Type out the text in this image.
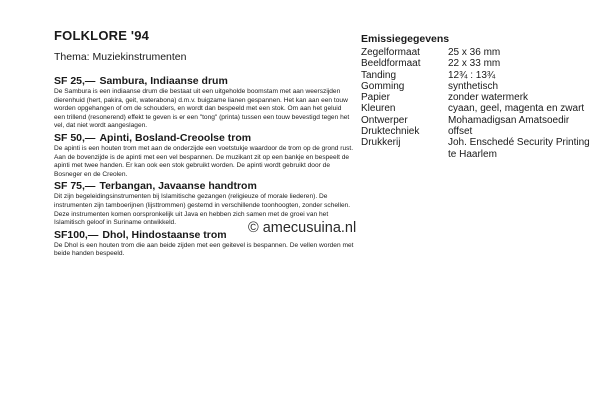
FOLKLORE '94
Thema: Muziekinstrumenten
SF 25,— Sambura, Indiaanse drum
De Sambura is een indiaanse drum die bestaat uit een uitgeholde boomstam met aan weerszijden dierenhuid (hert, pakira, geit, waterabonа) d.m.v. buigzame lianen gespannen. Het kan aan een touw worden opgehangen of om de schouders, en wordt dan bespeeld met een stok. Om aan het geluid een trillend (resonerend) effekt te geven is er een "tong" (printa) tussen een touw bevestigd tegen het vel, dat niet wordt aangeslagen.
SF 50,— Apinti, Bosland-Creoolse trom
De apinti is een houten trom met aan de onderzijde een voetstukje waardoor de trom op de grond rust. Aan de bovenzijde is de apinti met een vel bespannen. De muzikant zit op een bankje en bespeelt de apinti met twee handen. Er kan ook een stok gebruikt worden. De apinti wordt gebruikt door de Bosneger en de Creolen.
SF 75,— Terbangan, Javaanse handtrom
Dit zijn begeleidingsinstrumenten bij Islamitische gezangen (religieuze of morale liederen). De instrumenten zijn tamboerijnen (lijsttrommen) gestemd in verschillende toonhoogten, zonder schellen. Deze instrumenten komen oorspronkelijk uit Java en hebben zich samen met de groei van het Islamitisch geloof in Suriname ontwikkeld.
SF100,— Dhol, Hindostaanse trom
De Dhol is een houten trom die aan beide zijden met een geitevel is bespannen. De vellen worden met beide handen bespeeld.
Emissiegegevens
Zegelformaat	25 x 36 mm
Beeldformaat	22 x 33 mm
Tanding	12¾ : 13¾
Gomming	synthetisch
Papier	zonder watermerk
Kleuren	cyaan, geel, magenta en zwart
Ontwerper	Mohamadigsan Amatsoedir
Druktechniek	offset
Drukkerij	Joh. Enschedé Security Printing te Haarlem
© amecusuina.nl
